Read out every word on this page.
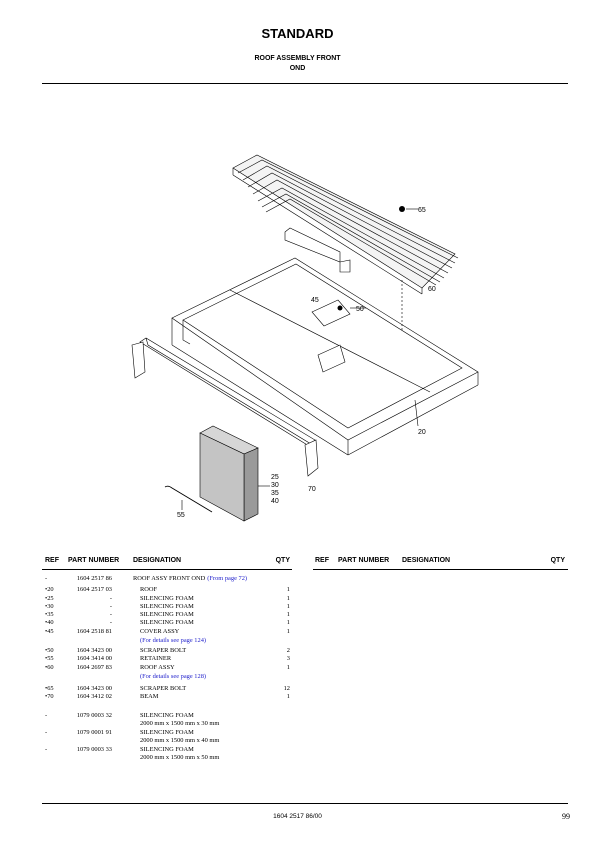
STANDARD
ROOF ASSEMBLY FRONT
OND
65
60
45
50
20
25
30
35
40
70
55
REF PART NUMBER DESIGNATION	QTY	REF PART NUMBER DESIGNATION	QTY
-	1604 2517 86	ROOF ASSY FRONT OND (From page 72)
•20	1604 2517 03	ROOF	1
•25	-	SILENCING FOAM	1
•30	-	SILENCING FOAM	1
•35	-	SILENCING FOAM	1
•40	-	SILENCING FOAM	1
•45	1604 2518 81	COVER ASSY	1
(For details see page 124)
•50	1604 3423 00	SCRAPER BOLT	2
•55	1604 3414 00	RETAINER	3
•60	1604 2697 83	ROOF ASSY	1
(For details see page 128)
•65	1604 3423 00	SCRAPER BOLT	12
•70	1604 3412 02	BEAM	1
-	1079 0003 32	SILENCING FOAM
2000 mm x 1500 mm x 30 mm
-	1079 0001 91	SILENCING FOAM
2000 mm x 1500 mm x 40 mm
-	1079 0003 33	SILENCING FOAM
2000 mm x 1500 mm x 50 mm
1604 2517 86/00	99
